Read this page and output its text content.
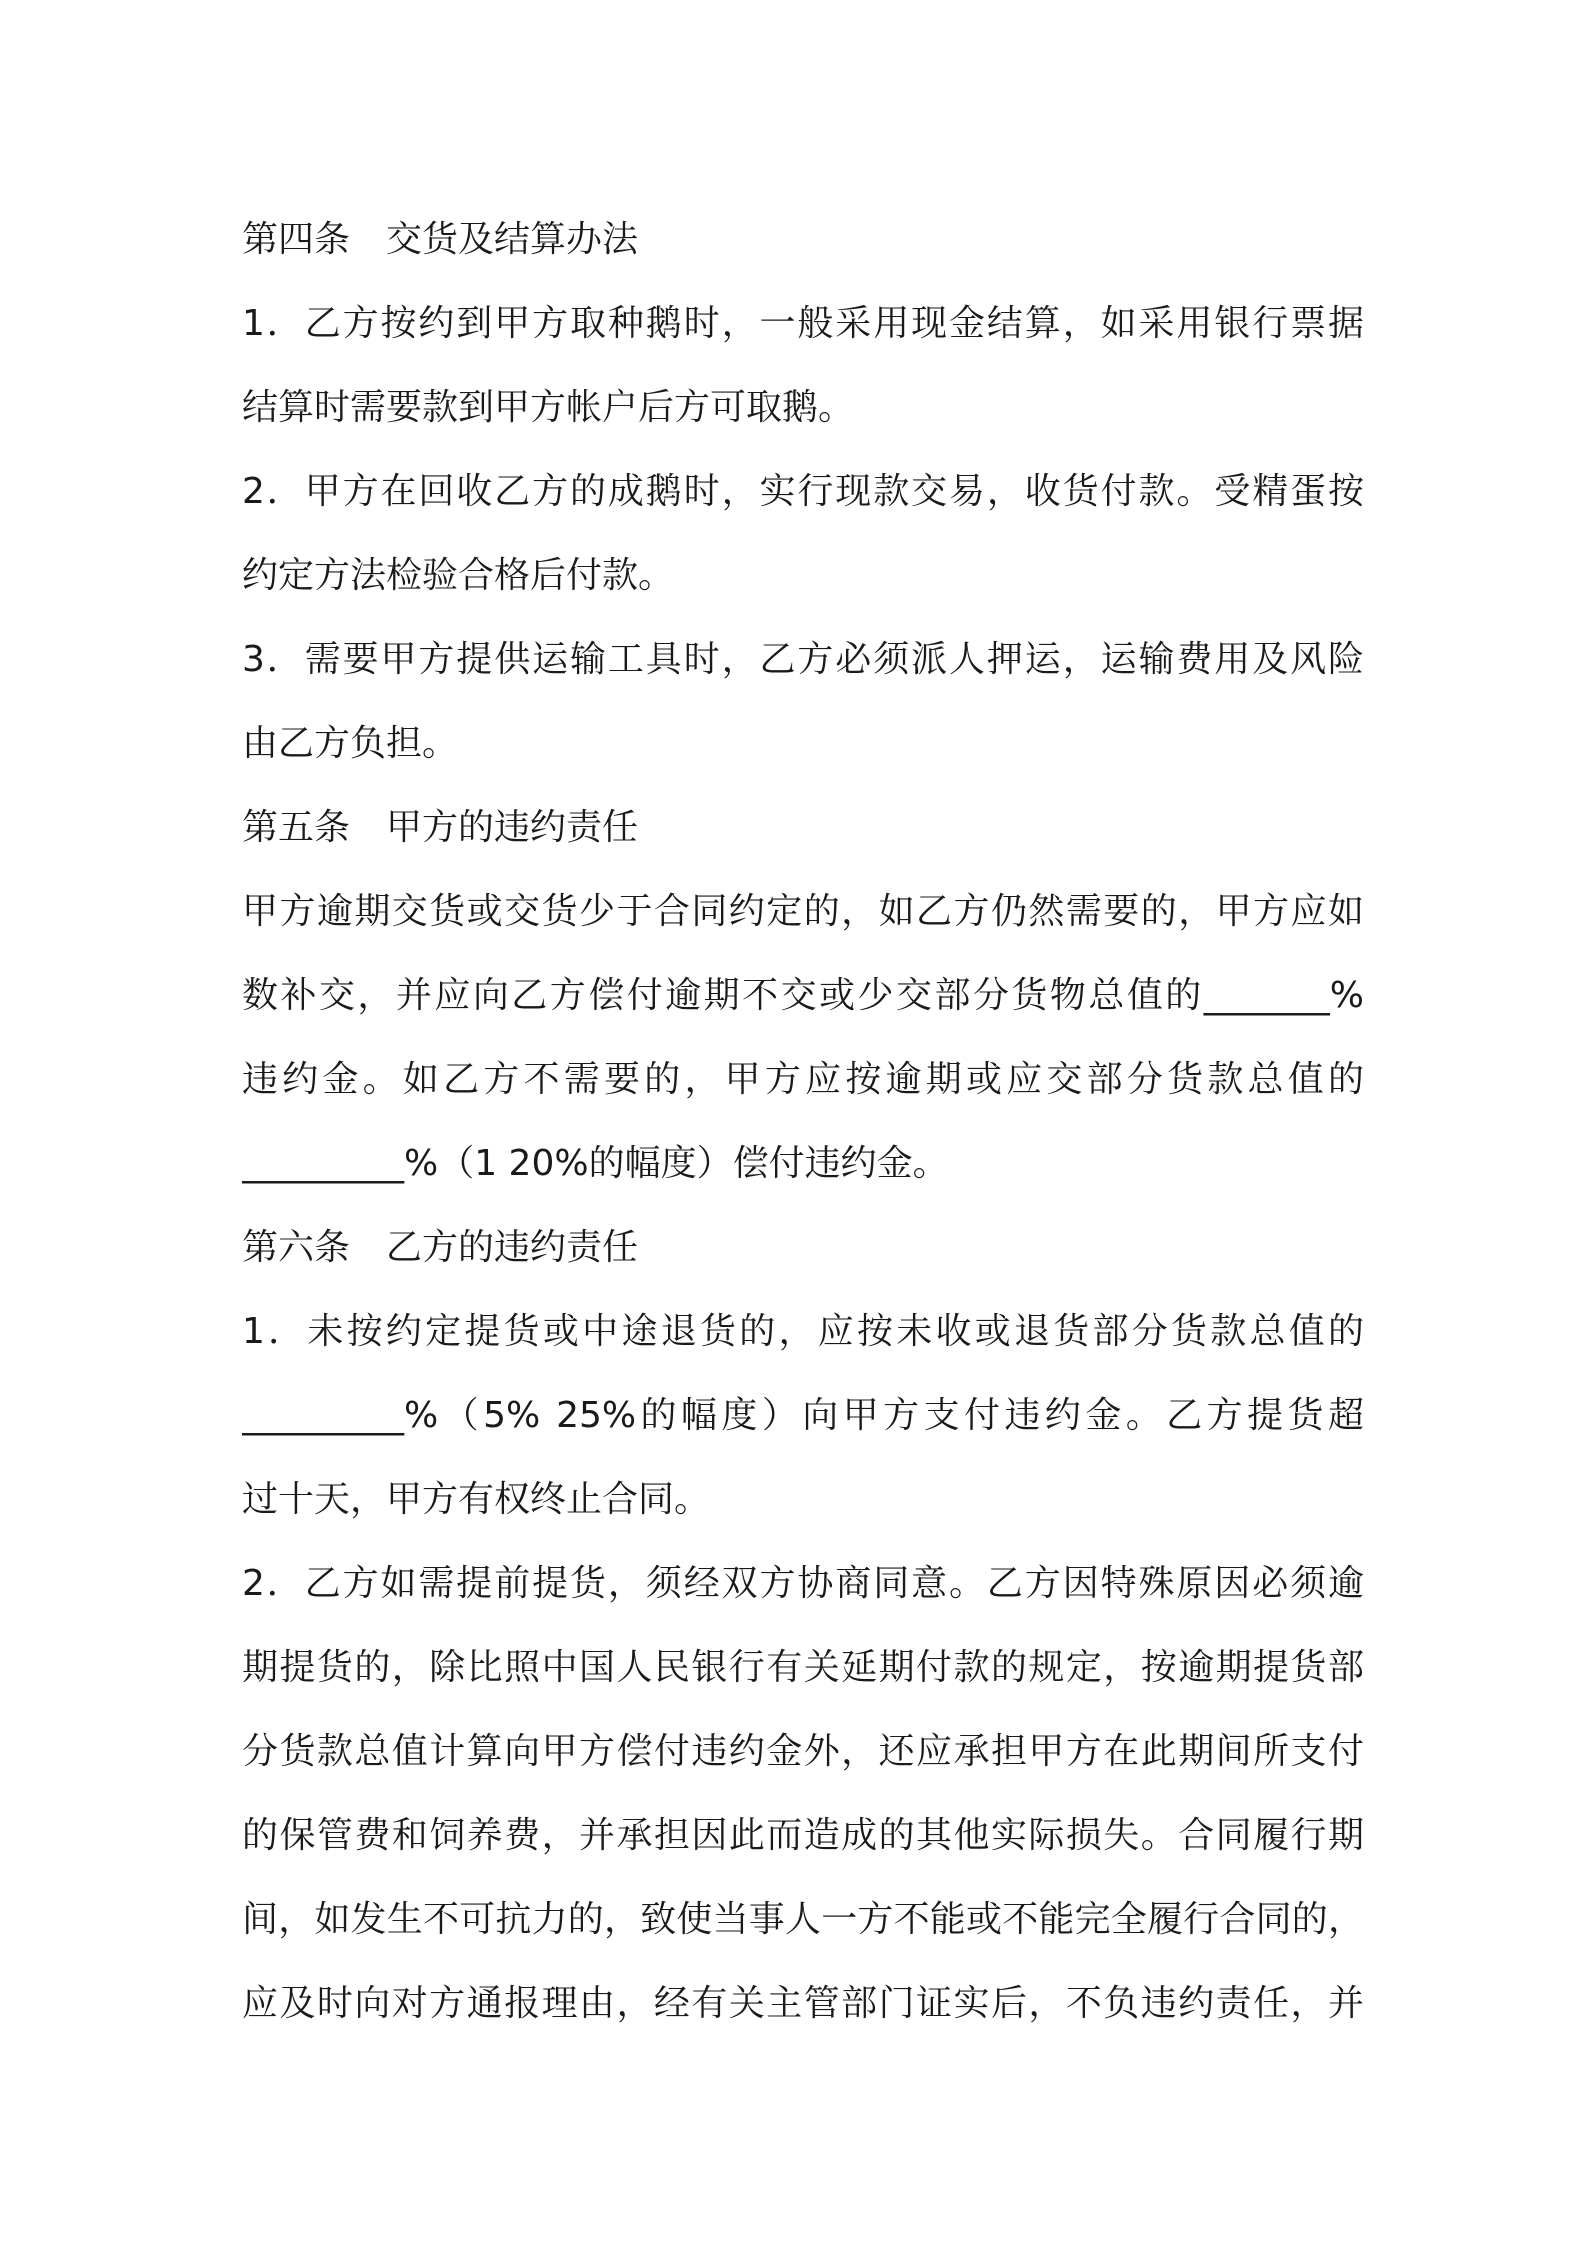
第四条　交货及结算办法
1．乙方按约到甲方取种鹅时，一般采用现金结算，如采用银行票据
结算时需要款到甲方帐户后方可取鹅。
2．甲方在回收乙方的成鹅时，实行现款交易，收货付款。受精蛋按
约定方法检验合格后付款。
3．需要甲方提供运输工具时，乙方必须派人押运，运输费用及风险
由乙方负担。
第五条　甲方的违约责任
甲方逾期交货或交货少于合同约定的，如乙方仍然需要的，甲方应如
数补交，并应向乙方偿付逾期不交或少交部分货物总值的_______%
违约金。如乙方不需要的，甲方应按逾期或应交部分货款总值的
_________%（1 20%的幅度）偿付违约金。
第六条　乙方的违约责任
1．未按约定提货或中途退货的，应按未收或退货部分货款总值的
_________%（5% 25%的幅度）向甲方支付违约金。乙方提货超
过十天，甲方有权终止合同。
2．乙方如需提前提货，须经双方协商同意。乙方因特殊原因必须逾
期提货的，除比照中国人民银行有关延期付款的规定，按逾期提货部
分货款总值计算向甲方偿付违约金外，还应承担甲方在此期间所支付
的保管费和饲养费，并承担因此而造成的其他实际损失。合同履行期
间，如发生不可抗力的，致使当事人一方不能或不能完全履行合同的，
应及时向对方通报理由，经有关主管部门证实后，不负违约责任，并
